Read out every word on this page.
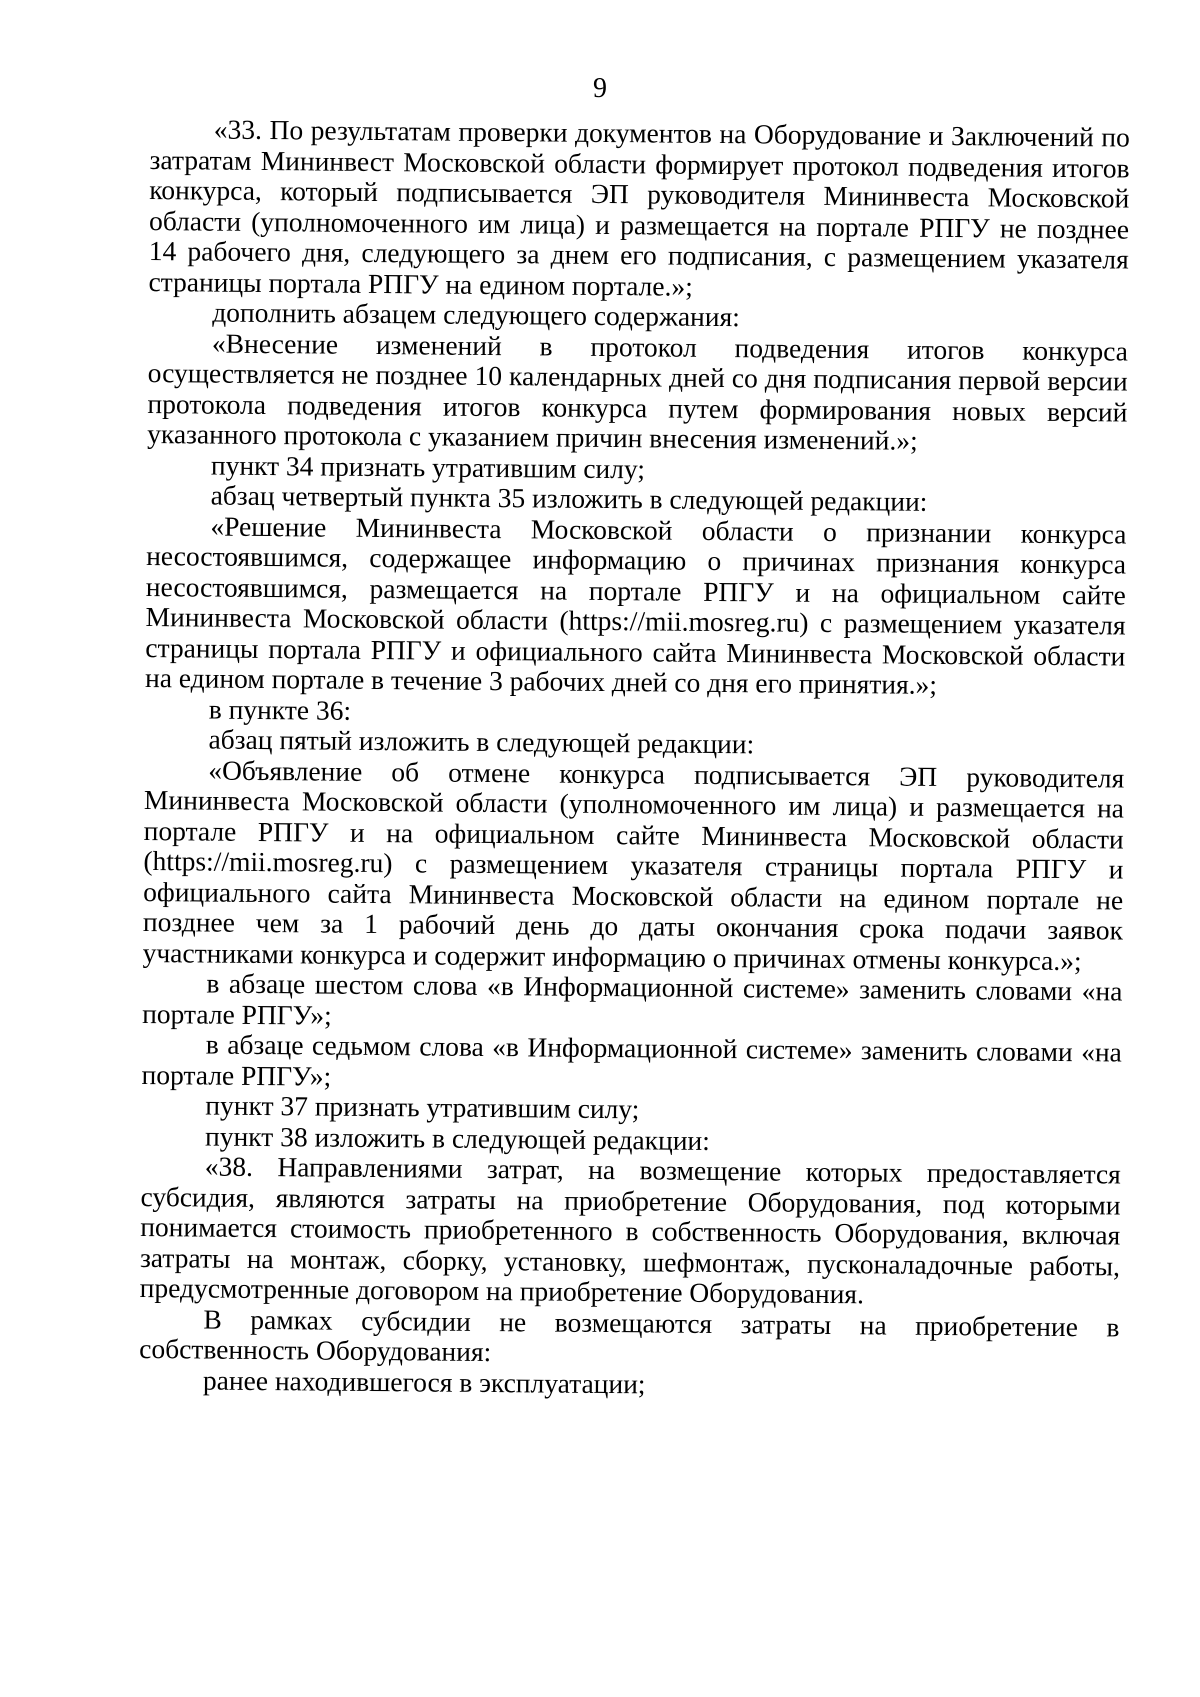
9

«33. По результатам проверки документов на Оборудование и Заключений по затратам Мининвест Московской области формирует протокол подведения итогов конкурса, который подписывается ЭП руководителя Мининвеста Московской области (уполномоченного им лица) и размещается на портале РПГУ не позднее 14 рабочего дня, следующего за днем его подписания, с размещением указателя страницы портала РПГУ на едином портале.»;

дополнить абзацем следующего содержания:

«Внесение изменений в протокол подведения итогов конкурса осуществляется не позднее 10 календарных дней со дня подписания первой версии протокола подведения итогов конкурса путем формирования новых версий указанного протокола с указанием причин внесения изменений.»;

пункт 34 признать утратившим силу;

абзац четвертый пункта 35 изложить в следующей редакции:

«Решение Мининвеста Московской области о признании конкурса несостоявшимся, содержащее информацию о причинах признания конкурса несостоявшимся, размещается на портале РПГУ и на официальном сайте Мининвеста Московской области (https://mii.mosreg.ru) с размещением указателя страницы портала РПГУ и официального сайта Мининвеста Московской области на едином портале в течение 3 рабочих дней со дня его принятия.»;

в пункте 36:

абзац пятый изложить в следующей редакции:

«Объявление об отмене конкурса подписывается ЭП руководителя Мининвеста Московской области (уполномоченного им лица) и размещается на портале РПГУ и на официальном сайте Мининвеста Московской области (https://mii.mosreg.ru) с размещением указателя страницы портала РПГУ и официального сайта Мининвеста Московской области на едином портале не позднее чем за 1 рабочий день до даты окончания срока подачи заявок участниками конкурса и содержит информацию о причинах отмены конкурса.»;

в абзаце шестом слова «в Информационной системе» заменить словами «на портале РПГУ»;

в абзаце седьмом слова «в Информационной системе» заменить словами «на портале РПГУ»;

пункт 37 признать утратившим силу;

пункт 38 изложить в следующей редакции:

«38. Направлениями затрат, на возмещение которых предоставляется субсидия, являются затраты на приобретение Оборудования, под которыми понимается стоимость приобретенного в собственность Оборудования, включая затраты на монтаж, сборку, установку, шефмонтаж, пусконаладочные работы, предусмотренные договором на приобретение Оборудования.

В рамках субсидии не возмещаются затраты на приобретение в собственность Оборудования:

ранее находившегося в эксплуатации;
